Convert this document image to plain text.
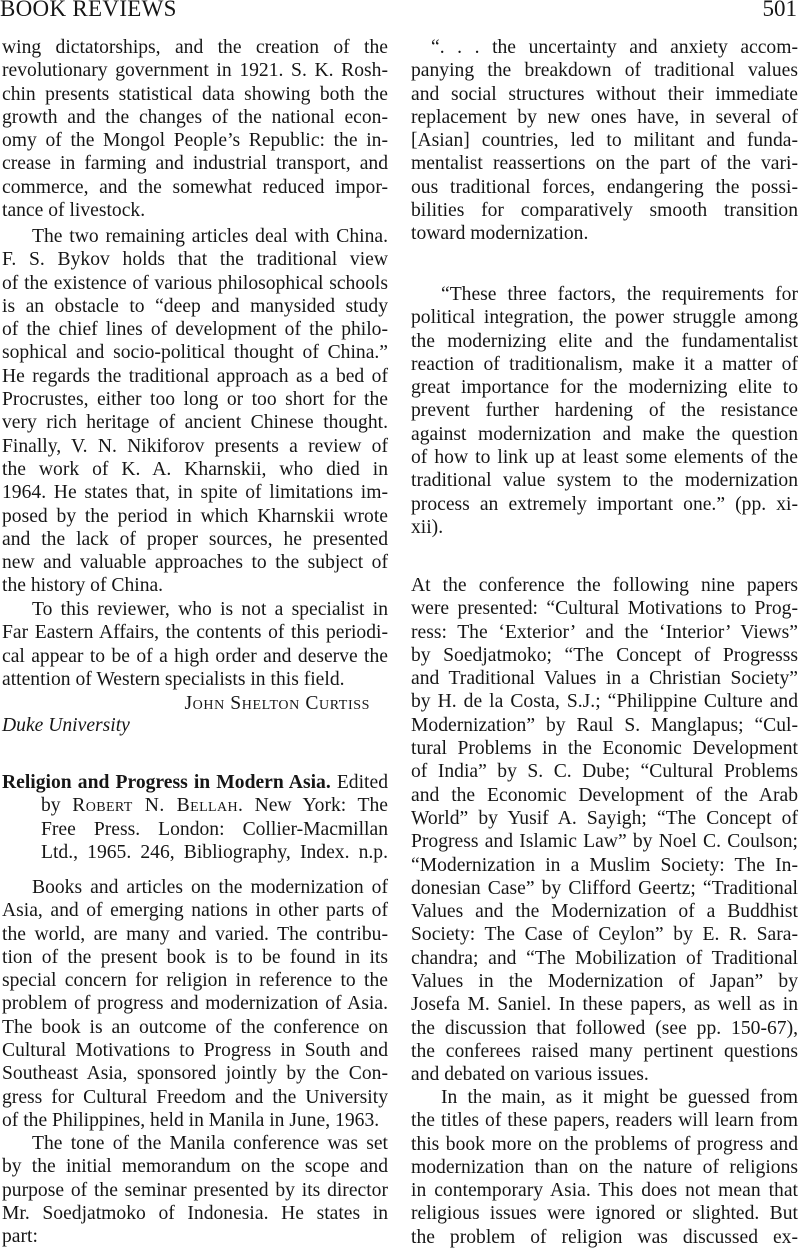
BOOK REVIEWS	501
wing dictatorships, and the creation of the
revolutionary government in 1921. S. K. Rosh-
chin presents statistical data showing both the
growth and the changes of the national econ-
omy of the Mongol People’s Republic: the in-
crease in farming and industrial transport, and
commerce, and the somewhat reduced impor-
tance of livestock.
The two remaining articles deal with China.
F. S. Bykov holds that the traditional view
of the existence of various philosophical schools
is an obstacle to “deep and manysided study
of the chief lines of development of the philo-
sophical and socio-political thought of China.”
He regards the traditional approach as a bed of
Procrustes, either too long or too short for the
very rich heritage of ancient Chinese thought.
Finally, V. N. Nikiforov presents a review of
the work of K. A. Kharnskii, who died in
1964. He states that, in spite of limitations im-
posed by the period in which Kharnskii wrote
and the lack of proper sources, he presented
new and valuable approaches to the subject of
the history of China.
To this reviewer, who is not a specialist in
Far Eastern Affairs, the contents of this periodi-
cal appear to be of a high order and deserve the
attention of Western specialists in this field.
John Shelton Curtiss
Duke University
Religion and Progress in Modern Asia. Edited
by Robert N. Bellah. New York: The
Free Press. London: Collier-Macmillan
Ltd., 1965. 246, Bibliography, Index. n.p.
Books and articles on the modernization of
Asia, and of emerging nations in other parts of
the world, are many and varied. The contribu-
tion of the present book is to be found in its
special concern for religion in reference to the
problem of progress and modernization of Asia.
The book is an outcome of the conference on
Cultural Motivations to Progress in South and
Southeast Asia, sponsored jointly by the Con-
gress for Cultural Freedom and the University
of the Philippines, held in Manila in June, 1963.
The tone of the Manila conference was set
by the initial memorandum on the scope and
purpose of the seminar presented by its director
Mr. Soedjatmoko of Indonesia. He states in
part:
“. . . the uncertainty and anxiety accom-
panying the breakdown of traditional values
and social structures without their immediate
replacement by new ones have, in several of
[Asian] countries, led to militant and funda-
mentalist reassertions on the part of the vari-
ous traditional forces, endangering the possi-
bilities for comparatively smooth transition
toward modernization.
“These three factors, the requirements for
political integration, the power struggle among
the modernizing elite and the fundamentalist
reaction of traditionalism, make it a matter of
great importance for the modernizing elite to
prevent further hardening of the resistance
against modernization and make the question
of how to link up at least some elements of the
traditional value system to the modernization
process an extremely important one.” (pp. xi-
xii).
At the conference the following nine papers
were presented: “Cultural Motivations to Prog-
ress: The ‘Exterior’ and the ‘Interior’ Views”
by Soedjatmoko; “The Concept of Progresss
and Traditional Values in a Christian Society”
by H. de la Costa, S.J.; “Philippine Culture and
Modernization” by Raul S. Manglapus; “Cul-
tural Problems in the Economic Development
of India” by S. C. Dube; “Cultural Problems
and the Economic Development of the Arab
World” by Yusif A. Sayigh; “The Concept of
Progress and Islamic Law” by Noel C. Coulson;
“Modernization in a Muslim Society: The In-
donesian Case” by Clifford Geertz; “Traditional
Values and the Modernization of a Buddhist
Society: The Case of Ceylon” by E. R. Sara-
chandra; and “The Mobilization of Traditional
Values in the Modernization of Japan” by
Josefa M. Saniel. In these papers, as well as in
the discussion that followed (see pp. 150-67),
the conferees raised many pertinent questions
and debated on various issues.
In the main, as it might be guessed from
the titles of these papers, readers will learn from
this book more on the problems of progress and
modernization than on the nature of religions
in contemporary Asia. This does not mean that
religious issues were ignored or slighted. But
the problem of religion was discussed ex-
